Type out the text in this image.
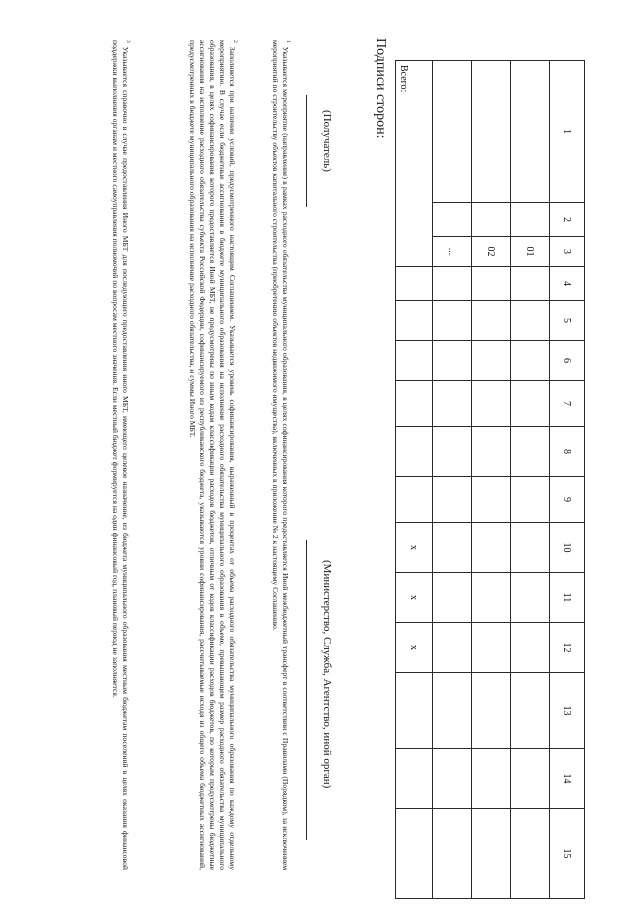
1	2	3	4	5	6	7	8	9	10	11	12	13	14	15
		01												
		02												
		...												
Всего:									x	x	x			
Подписи сторон:
(Получатель)
(Министерство, Служба, Агентство, иной орган)
$^1$Указывается мероприятие (направление) в рамках расходного обязательства муниципального образования, в целях софинансирования которого предоставляется Иной межбюджетный трансферт в соответствии с Правилами (Порядком), за исключением мероприятий по строительству объектов капитального строительства (приобретению объектов недвижимого имущества), включенных в приложение № 2 к настоящему Соглашению.
$^2$Заполняется при наличии условий, предусмотренного настоящим Соглашением. Указывается уровень софинансирования, выраженный в процентах от объема расходного обязательства муниципального образования по каждому отдельному мероприятию. В случае если бюджетные ассигнования в бюджете муниципального образования на исполнение расходного обязательства муниципального образования в объеме, превышающем размер расходного обязательства муниципального образования, в целях софинансирования которого предоставляется Иной МБТ, не предусмотрены по иным кодам классификации расходов бюджетов, отличным от кодов классификации расходов бюджетов, по которым предусмотрены бюджетные ассигнования на исполнение расходного обязательства субъекта Российской Федерции, софинансируемого из республиканского бюджета, указываются уровни софинансирования, рассчитываемые исходя из общего объема бюджетных ассигнований, предусмотренных в бюджете муниципального образования на исполнение расходного обязательства, и суммы Иного МБТ.
$^3$Указывается справочно в случае предоставления Иного МБТ для последующего предоставления иного МБТ, имеющего целевое назначение, из бюджета муниципального образования местным бюджетам поселений в целях оказания финансовой поддержки выполнения органам и местного самоуправления полномочий по вопросам местного значения. Если местный бюджет формируется на один финансовый год, плановый период не заполняется.
